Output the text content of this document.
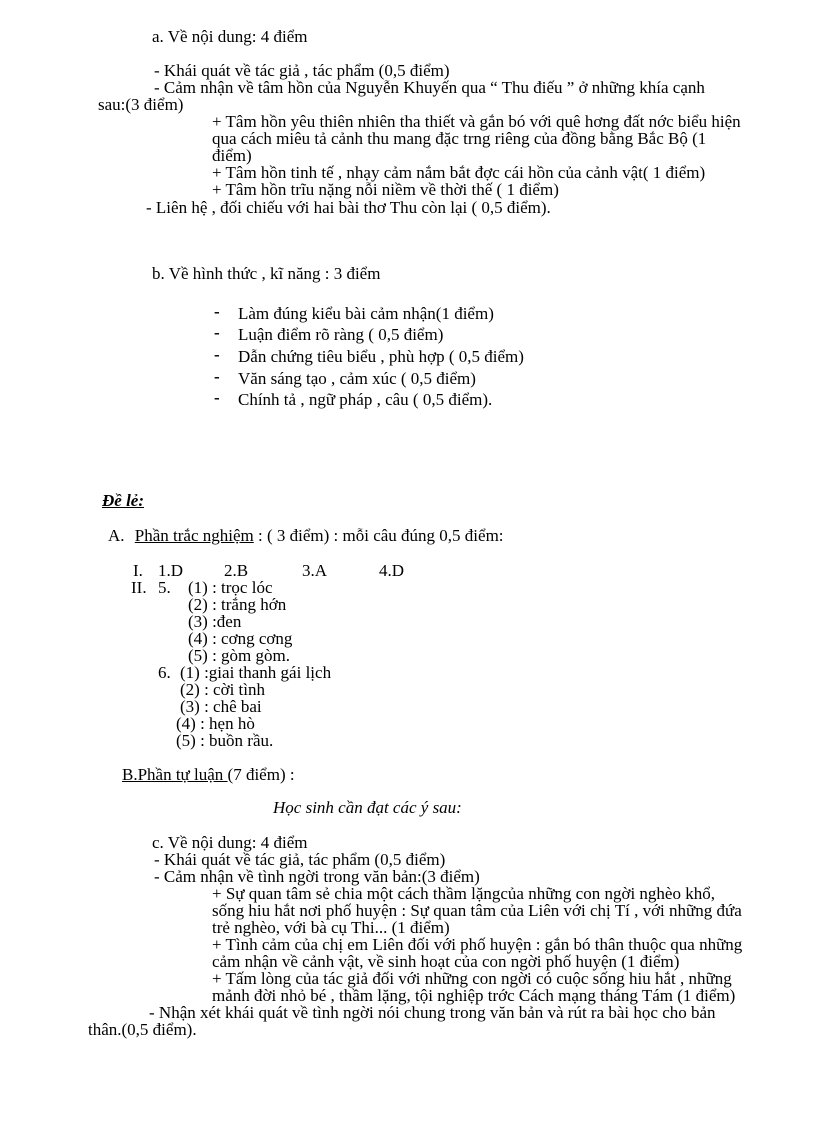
a. Về nội dung: 4 điểm
- Khái quát về tác giả , tác phẩm (0,5 điểm)
- Cảm nhận về tâm hồn của Nguyễn Khuyến qua “ Thu điếu ” ở những khía cạnh
sau:(3 điểm)
+ Tâm hồn yêu thiên nhiên tha thiết và gắn bó với quê hơng đất nớc biểu hiện
qua cách miêu tả cảnh thu mang đặc trng riêng của đồng bằng Bắc Bộ (1
điểm)
+ Tâm hồn tinh tế , nhạy cảm nắm bắt đợc cái hồn của cảnh vật( 1 điểm)
+ Tâm hồn trĩu nặng nỗi niềm về thời thế ( 1 điểm)
- Liên hệ , đối chiếu với hai bài thơ Thu còn lại ( 0,5 điểm).
b. Về hình thức , kĩ năng : 3 điểm
- Làm đúng kiểu bài cảm nhận(1 điểm)
- Luận điểm rõ ràng ( 0,5 điểm)
- Dẫn chứng tiêu biểu , phù hợp ( 0,5 điểm)
- Văn sáng tạo , cảm xúc ( 0,5 điểm)
- Chính tả , ngữ pháp , câu ( 0,5 điểm).
Đề lẻ:
A. Phần trắc nghiệm : ( 3 điểm) : mỗi câu đúng 0,5 điểm:
I. 1.D 2.B	3.A	4.D
II. 5. (1) : trọc lóc
(2) : trắng hớn
(3) :đen
(4) : cơng cơng
(5) : gòm gòm.
6. (1) :giai thanh gái lịch
(2) : cời tình
(3) : chê bai
(4) : hẹn hò
(5) : buồn rầu.
B.Phần tự luận (7 điểm) :
Học sinh cần đạt các ý sau:
c. Về nội dung: 4 điểm
- Khái quát về tác giả, tác phẩm (0,5 điểm)
- Cảm nhận về tình ngời trong văn bản:(3 điểm)
+ Sự quan tâm sẻ chia một cách thầm lặngcủa những con ngời nghèo khổ,
sống hiu hắt nơi phố huyện : Sự quan tâm của Liên với chị Tí , với những đứa
trẻ nghèo, với bà cụ Thi... (1 điểm)
+ Tình cảm của chị em Liên đối với phố huyện : gắn bó thân thuộc qua những
cảm nhận về cảnh vật, về sinh hoạt của con ngời phố huyện (1 điểm)
+ Tấm lòng của tác giả đối với những con ngời có cuộc sống hiu hắt , những
mảnh đời nhỏ bé , thầm lặng, tội nghiệp trớc Cách mạng tháng Tám (1 điểm)
- Nhận xét khái quát về tình ngời nói chung trong văn bản và rút ra bài học cho bản
thân.(0,5 điểm).
